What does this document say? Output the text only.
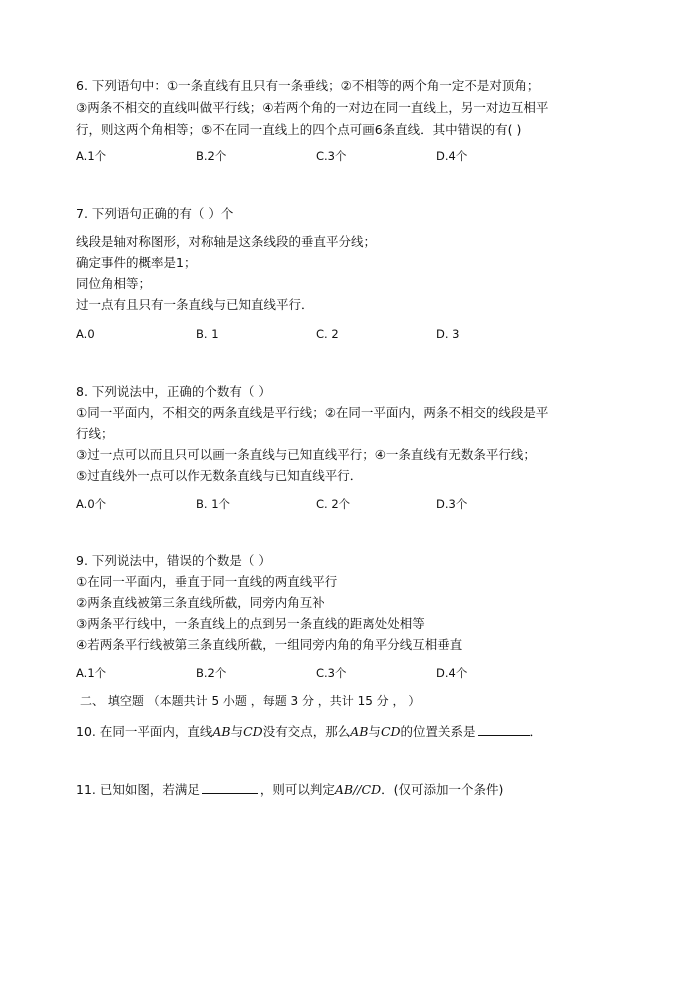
6. 下列语句中：①一条直线有且只有一条垂线；②不相等的两个角一定不是对顶角；
③两条不相交的直线叫做平行线；④若两个角的一对边在同一直线上，另一对边互相平
行，则这两个角相等；⑤不在同一直线上的四个点可画6条直线．其中错误的有( )
A.1个	B.2个	C.3个	D.4个
7. 下列语句正确的有（ ）个
线段是轴对称图形，对称轴是这条线段的垂直平分线；
确定事件的概率是1；
同位角相等；
过一点有且只有一条直线与已知直线平行．
A.0	B. 1	C. 2	D. 3
8. 下列说法中，正确的个数有（ ）
①同一平面内，不相交的两条直线是平行线；②在同一平面内，两条不相交的线段是平
行线；
③过一点可以而且只可以画一条直线与已知直线平行；④一条直线有无数条平行线；
⑤过直线外一点可以作无数条直线与已知直线平行．
A.0个	B. 1个	C. 2个	D.3个
9. 下列说法中，错误的个数是（ ）
①在同一平面内，垂直于同一直线的两直线平行
②两条直线被第三条直线所截，同旁内角互补
③两条平行线中，一条直线上的点到另一条直线的距离处处相等
④若两条平行线被第三条直线所截，一组同旁内角的角平分线互相垂直
A.1个	B.2个	C.3个	D.4个
二、 填空题 （本题共计 5 小题 ，每题 3 分 ，共计 15 分 ， ）
10. 在同一平面内，直线AB与CD没有交点，那么AB与CD的位置关系是	．
11. 已知如图，若满足	，则可以判定AB//CD．(仅可添加一个条件)
